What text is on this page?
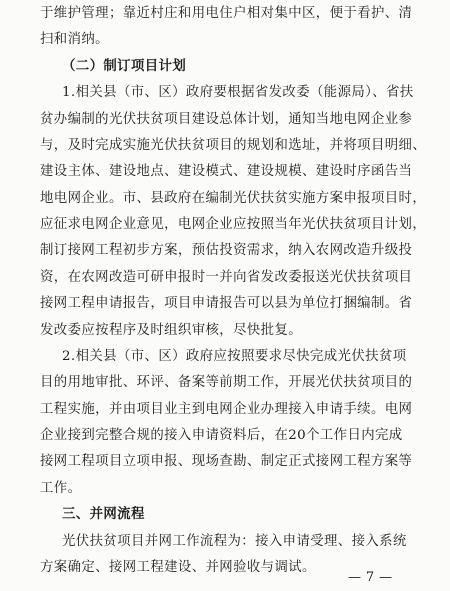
于维护管理；靠近村庄和用电住户相对集中区，便于看护、清
扫和消纳。
（二）制订项目计划
1.相关县（市、区）政府要根据省发改委（能源局）、省扶
贫办编制的光伏扶贫项目建设总体计划，通知当地电网企业参
与，及时完成实施光伏扶贫项目的规划和选址，并将项目明细、
建设主体、建设地点、建设模式、建设规模、建设时序函告当
地电网企业。市、县政府在编制光伏扶贫实施方案申报项目时，
应征求电网企业意见，电网企业应按照当年光伏扶贫项目计划，
制订接网工程初步方案，预估投资需求，纳入农网改造升级投
资，在农网改造可研申报时一并向省发改委报送光伏扶贫项目
接网工程申请报告，项目申请报告可以县为单位打捆编制。省
发改委应按程序及时组织审核，尽快批复。
2.相关县（市、区）政府应按照要求尽快完成光伏扶贫项
目的用地审批、环评、备案等前期工作，开展光伏扶贫项目的
工程实施，并由项目业主到电网企业办理接入申请手续。电网
企业接到完整合规的接入申请资料后，在20个工作日内完成
接网工程项目立项申报、现场查勘、制定正式接网工程方案等
工作。
三、并网流程
光伏扶贫项目并网工作流程为：接入申请受理、接入系统
方案确定、接网工程建设、并网验收与调试。
— 7 —
